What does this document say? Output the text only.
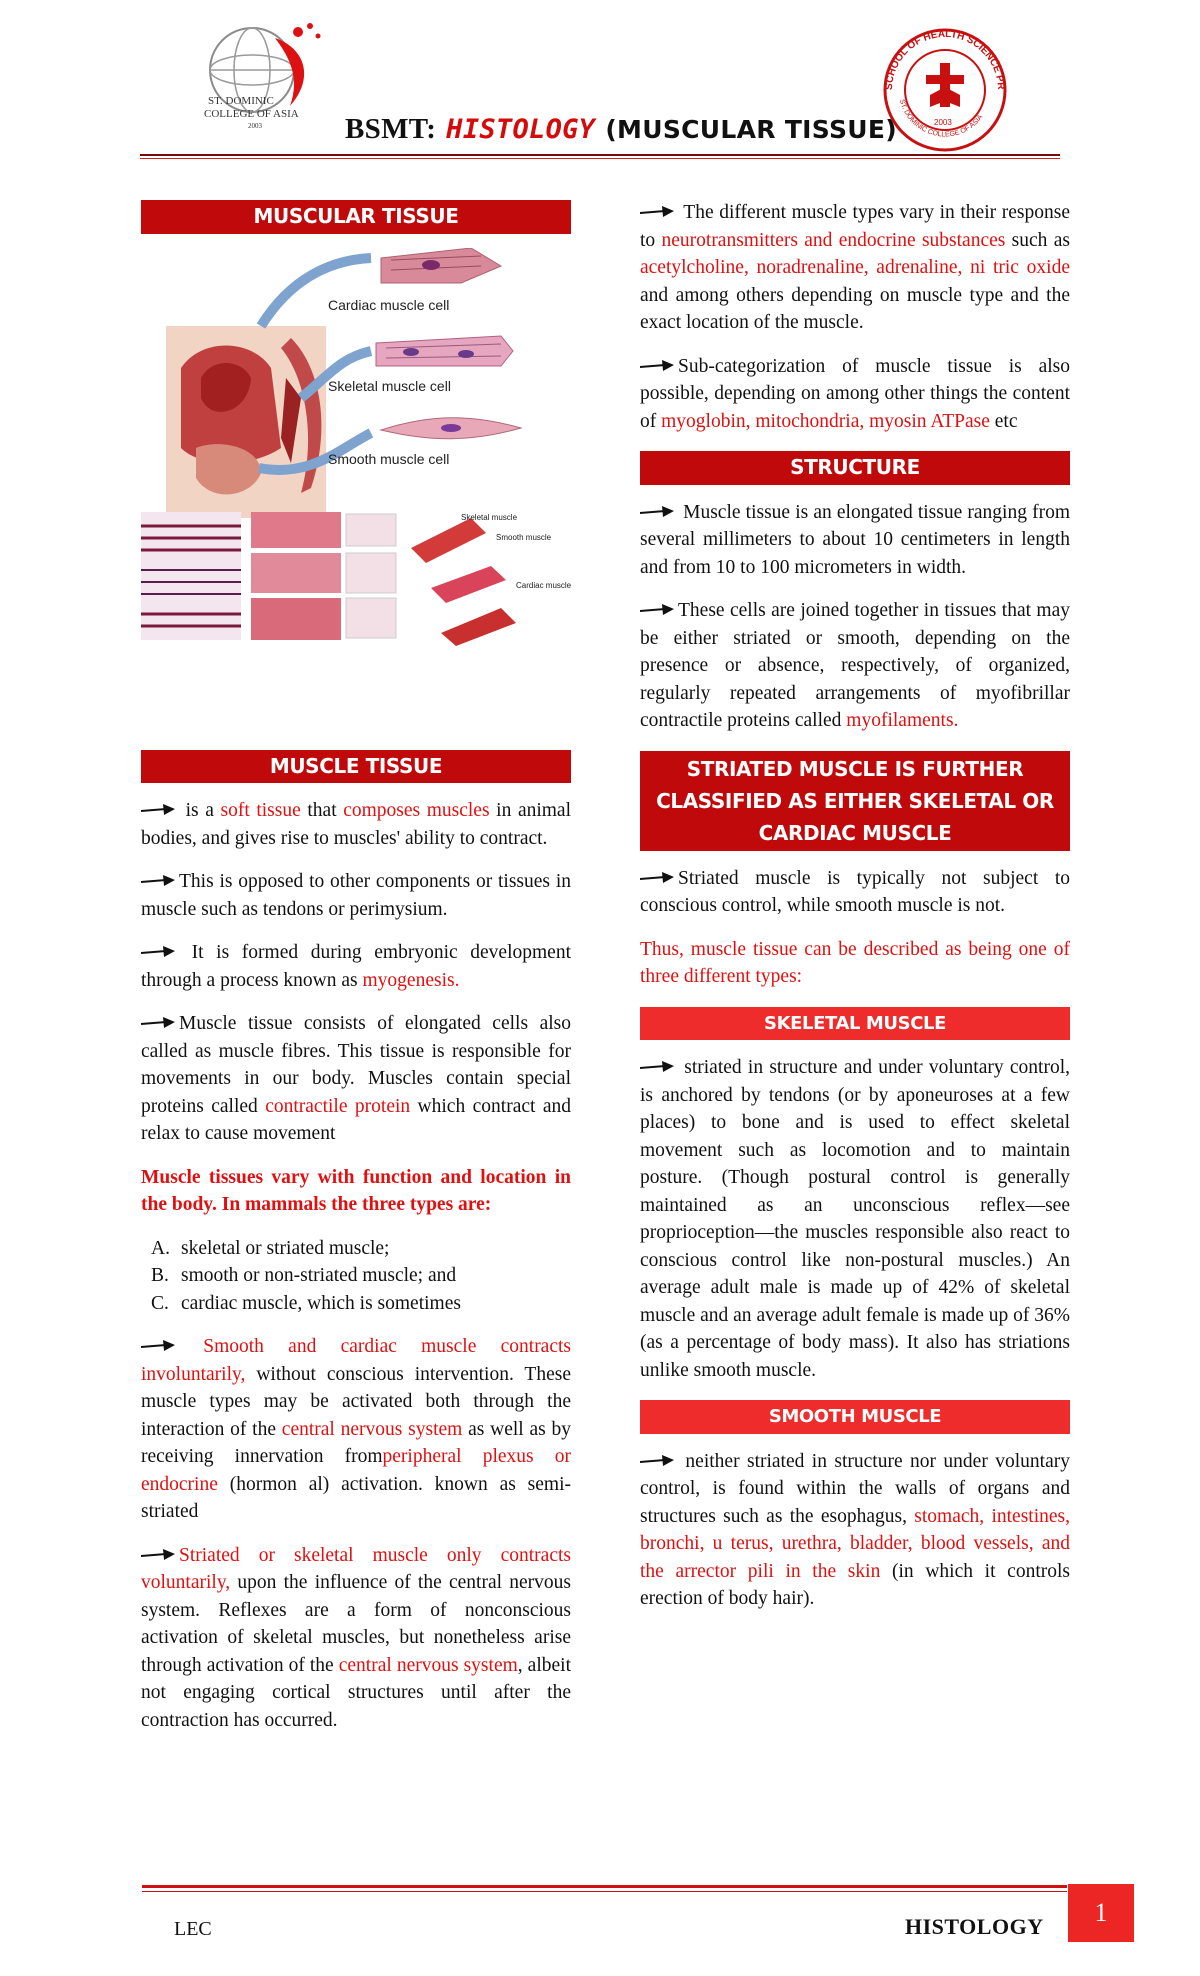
ST. DOMINIC
COLLEGE OF ASIA
2003
SCHOOL OF HEALTH SCIENCE PR
ST. DOMINIC COLLEGE OF ASIA
2003
BSMT: HISTOLOGY (MUSCULAR TISSUE)
MUSCULAR TISSUE
Cardiac muscle cell
Skeletal muscle cell
Smooth muscle cell
Skeletal muscle
Smooth muscle
Cardiac muscle
MUSCLE TISSUE

is a soft tissue that composes muscles in animal bodies, and gives rise to muscles' ability to contract.

This is opposed to other components or tissues in muscle such as tendons or perimysium.

It is formed during embryonic development through a process known as myogenesis.

Muscle tissue consists of elongated cells also called as muscle fibres. This tissue is responsible for movements in our body. Muscles contain special proteins called contractile protein which contract and relax to cause movement

Muscle tissues vary with function and location in the body. In mammals the three types are:

A. skeletal or striated muscle;
B. smooth or non-striated muscle; and
C. cardiac muscle, which is sometimes

Smooth and cardiac muscle contracts involuntarily, without conscious intervention. These muscle types may be activated both through the interaction of the central nervous system as well as by receiving innervation fromperipheral plexus or endocrine (hormon al) activation. known as semi-striated

Striated or skeletal muscle only contracts voluntarily, upon the influence of the central nervous system. Reflexes are a form of nonconscious activation of skeletal muscles, but nonetheless arise through activation of the central nervous system, albeit not engaging cortical structures until after the contraction has occurred.

The different muscle types vary in their response to neurotransmitters and endocrine substances such as acetylcholine, noradrenaline, adrenaline, ni tric oxide and among others depending on muscle type and the exact location of the muscle.

Sub-categorization of muscle tissue is also possible, depending on among other things the content of myoglobin, mitochondria, myosin ATPase etc

STRUCTURE

Muscle tissue is an elongated tissue ranging from several millimeters to about 10 centimeters in length and from 10 to 100 micrometers in width.

These cells are joined together in tissues that may be either striated or smooth, depending on the presence or absence, respectively, of organized, regularly repeated arrangements of myofibrillar contractile proteins called myofilaments.

STRIATED MUSCLE IS FURTHER CLASSIFIED AS EITHER SKELETAL OR CARDIAC MUSCLE

Striated muscle is typically not subject to conscious control, while smooth muscle is not.

Thus, muscle tissue can be described as being one of three different types:

SKELETAL MUSCLE

striated in structure and under voluntary control, is anchored by tendons (or by aponeuroses at a few places) to bone and is used to effect skeletal movement such as locomotion and to maintain posture. (Though postural control is generally maintained as an unconscious reflex—see proprioception—the muscles responsible also react to conscious control like non-postural muscles.) An average adult male is made up of 42% of skeletal muscle and an average adult female is made up of 36% (as a percentage of body mass). It also has striations unlike smooth muscle.

SMOOTH MUSCLE

neither striated in structure nor under voluntary control, is found within the walls of organs and structures such as the esophagus, stomach, intestines, bronchi, u terus, urethra, bladder, blood vessels, and the arrector pili in the skin (in which it controls erection of body hair).

LEC	HISTOLOGY	1
